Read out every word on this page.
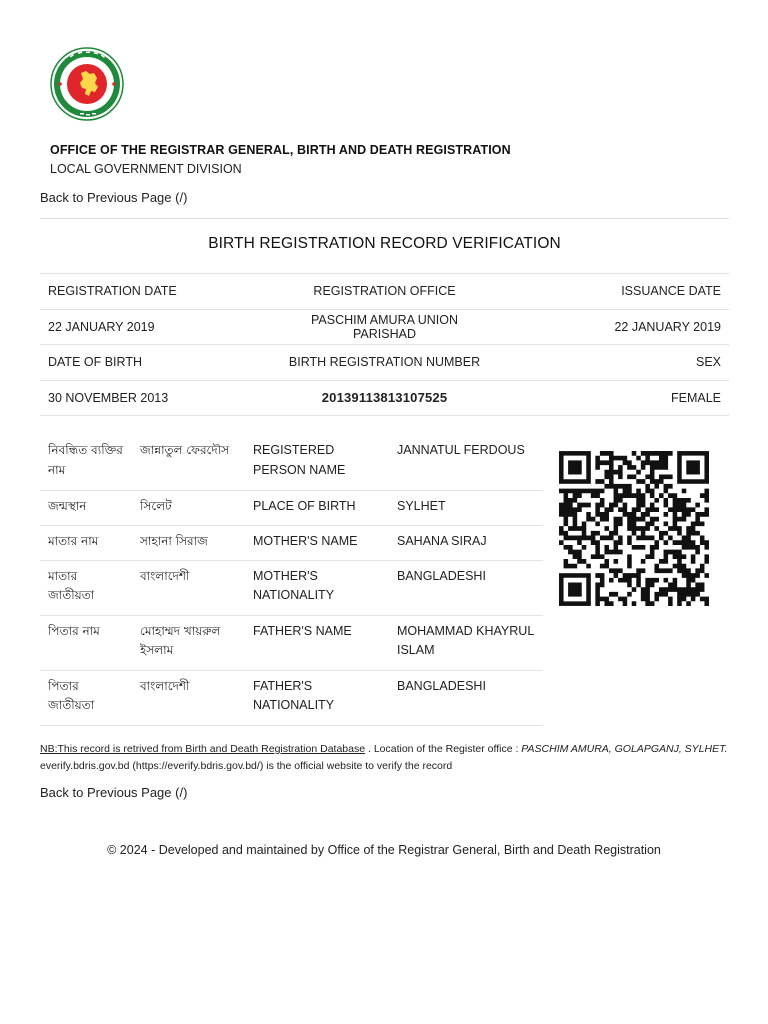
OFFICE OF THE REGISTRAR GENERAL, BIRTH AND DEATH REGISTRATION
LOCAL GOVERNMENT DIVISION
Back to Previous Page (/)
BIRTH REGISTRATION RECORD VERIFICATION
REGISTRATION DATE	REGISTRATION OFFICE	ISSUANCE DATE
22 JANUARY 2019	PASCHIM AMURA UNION PARISHAD	22 JANUARY 2019
DATE OF BIRTH	BIRTH REGISTRATION NUMBER	SEX
30 NOVEMBER 2013	20139113813107525	FEMALE
নিবন্ধিত ব্যক্তির নাম	জান্নাতুল ফেরদৌস	REGISTERED PERSON NAME	JANNATUL FERDOUS
জন্মস্থান	সিলেট	PLACE OF BIRTH	SYLHET
মাতার নাম	সাহানা সিরাজ	MOTHER'S NAME	SAHANA SIRAJ
মাতার জাতীয়তা	বাংলাদেশী	MOTHER'S NATIONALITY	BANGLADESHI
পিতার নাম	মোহাম্মদ খায়রুল ইসলাম	FATHER'S NAME	MOHAMMAD KHAYRUL ISLAM
পিতার জাতীয়তা	বাংলাদেশী	FATHER'S NATIONALITY	BANGLADESHI
NB:This record is retrived from Birth and Death Registration Database . Location of the Register office : PASCHIM AMURA, GOLAPGANJ, SYLHET. everify.bdris.gov.bd (https://everify.bdris.gov.bd/) is the official website to verify the record
Back to Previous Page (/)
© 2024 - Developed and maintained by Office of the Registrar General, Birth and Death Registration
